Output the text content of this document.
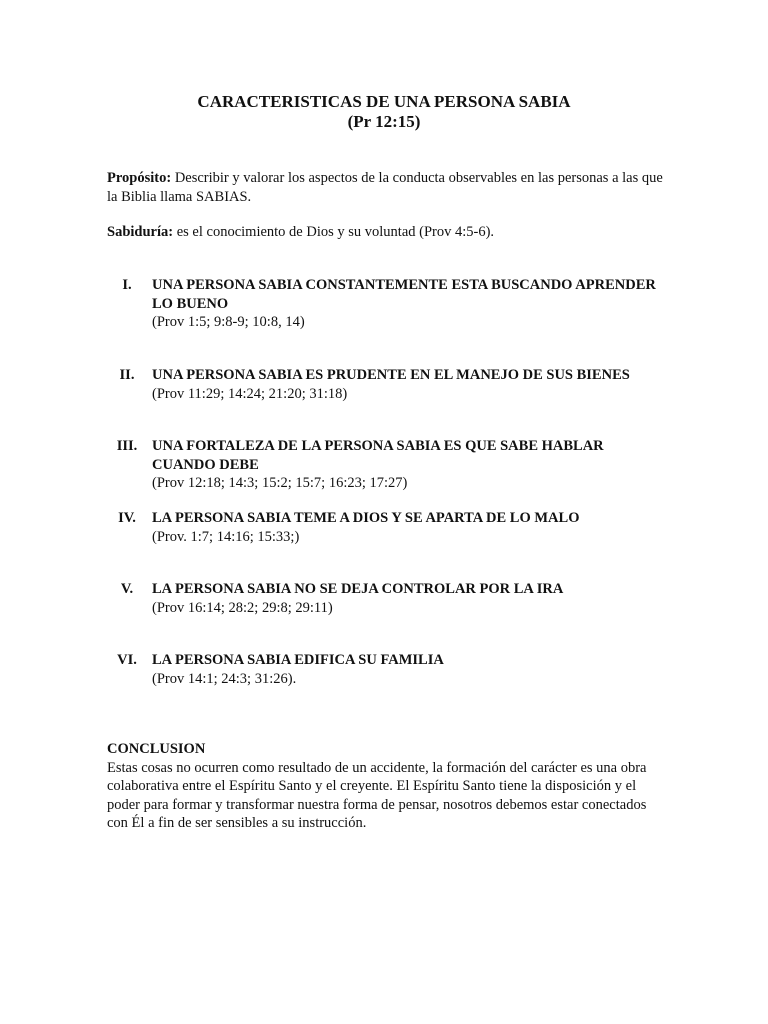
CARACTERISTICAS DE UNA PERSONA SABIA
(Pr 12:15)
Propósito: Describir y valorar los aspectos de la conducta observables en las personas a las que la Biblia llama SABIAS.
Sabiduría: es el conocimiento de Dios y su voluntad (Prov 4:5-6).
I.	UNA PERSONA SABIA CONSTANTEMENTE ESTA BUSCANDO APRENDER LO BUENO
(Prov 1:5; 9:8-9; 10:8, 14)
II.	UNA PERSONA SABIA ES PRUDENTE EN EL MANEJO DE SUS BIENES
(Prov 11:29; 14:24; 21:20; 31:18)
III.	UNA FORTALEZA DE LA PERSONA SABIA ES QUE SABE HABLAR CUANDO DEBE
(Prov 12:18; 14:3; 15:2; 15:7; 16:23; 17:27)
IV.	LA PERSONA SABIA TEME A DIOS Y SE APARTA DE LO MALO
(Prov. 1:7; 14:16; 15:33;)
V.	LA PERSONA SABIA NO SE DEJA CONTROLAR POR LA IRA
(Prov 16:14; 28:2; 29:8; 29:11)
VI.	LA PERSONA SABIA EDIFICA SU FAMILIA
(Prov 14:1; 24:3; 31:26).
CONCLUSION
Estas cosas no ocurren como resultado de un accidente, la formación del carácter es una obra colaborativa entre el Espíritu Santo y el creyente. El Espíritu Santo tiene la disposición y el poder para formar y transformar nuestra forma de pensar, nosotros debemos estar conectados con Él a fin de ser sensibles a su instrucción.
